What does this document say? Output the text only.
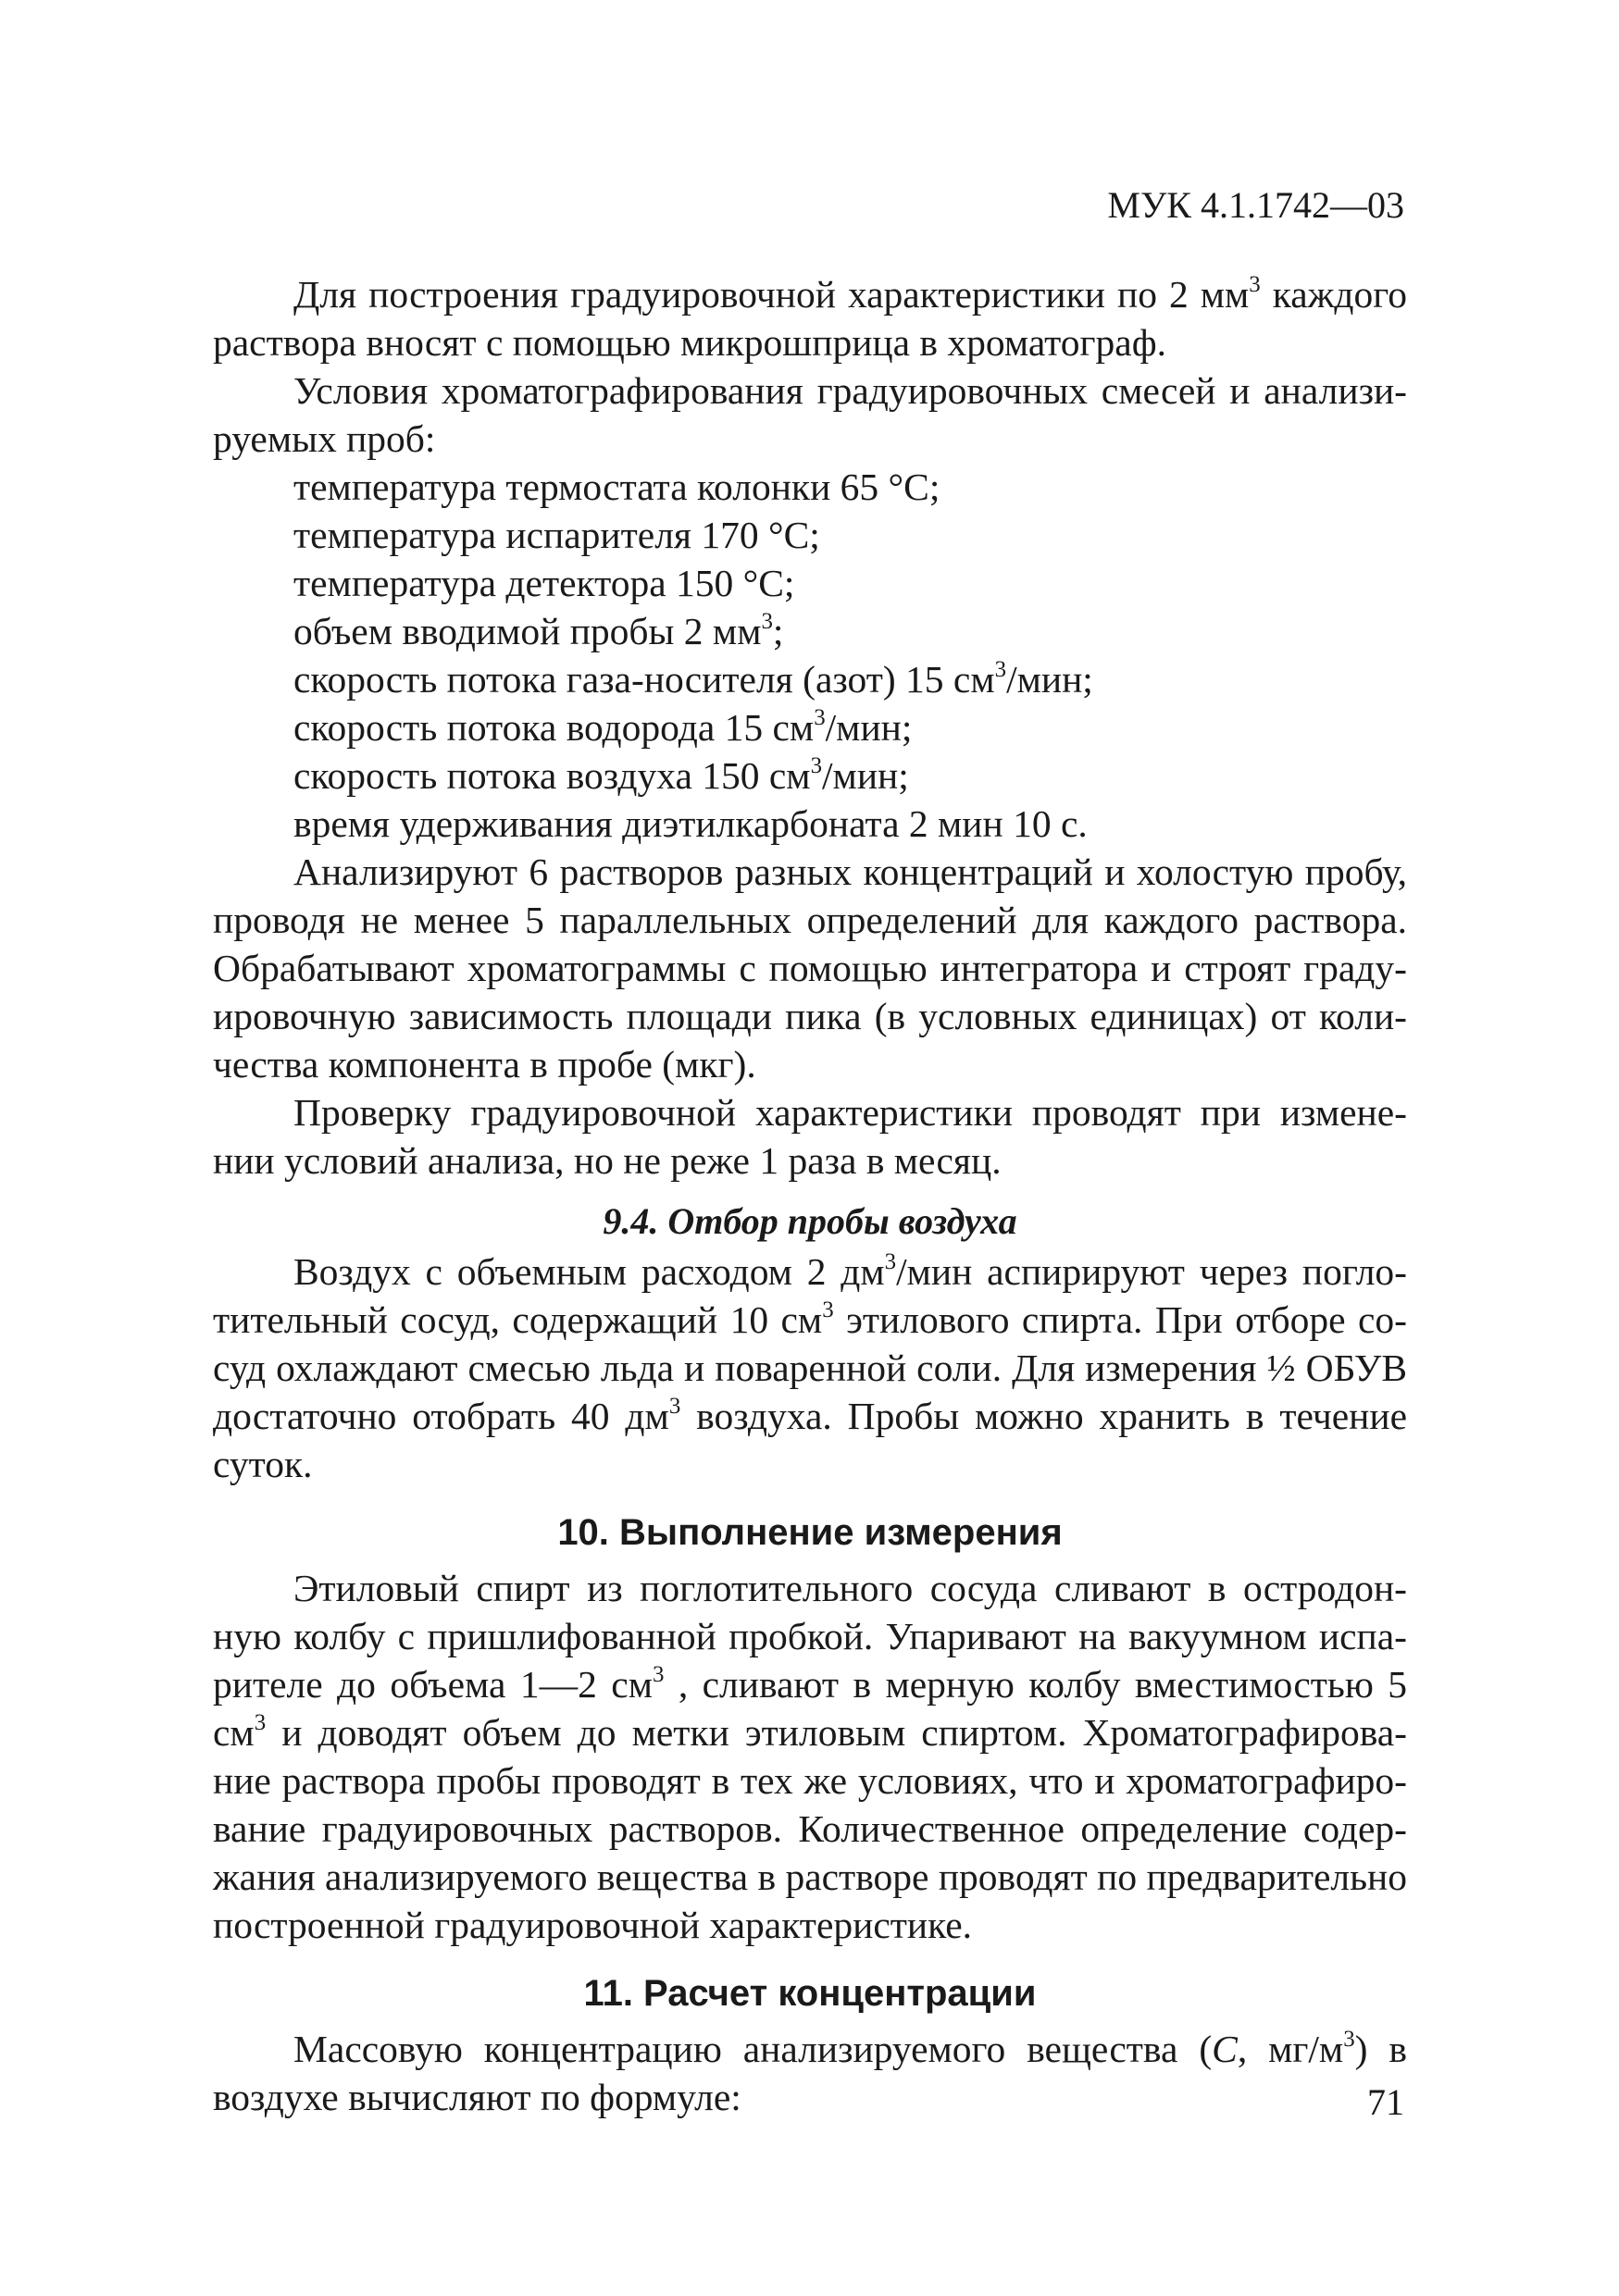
МУК 4.1.1742—03

Для построения градуировочной характеристики по 2 $мм^3$ каждого раствора вносят с помощью микрошприца в хроматограф.

Условия хроматографирования градуировочных смесей и анализи-руемых проб:

температура термостата колонки 65 °С;

температура испарителя 170 °С;

температура детектора 150 °С;

объем вводимой пробы 2 $мм^3$;

скорость потока газа-носителя (азот) 15 $см^3$/мин;

скорость потока водорода 15 $см^3$/мин;

скорость потока воздуха 150 $см^3$/мин;

время удерживания диэтилкарбоната 2 мин 10 с.

Анализируют 6 растворов разных концентраций и холостую пробу, проводя не менее 5 параллельных определений для каждого раствора. Обрабатывают хроматограммы с помощью интегратора и строят граду-ировочную зависимость площади пика (в условных единицах) от коли-чества компонента в пробе (мкг).

Проверку градуировочной характеристики проводят при измене-нии условий анализа, но не реже 1 раза в месяц.

9.4. Отбор пробы воздуха

Воздух с объемным расходом 2 $дм^3$/мин аспирируют через погло-тительный сосуд, содержащий 10 $см^3$ этилового спирта. При отборе со-суд охлаждают смесью льда и поваренной соли. Для измерения ½ ОБУВ достаточно отобрать 40 $дм^3$ воздуха. Пробы можно хранить в течение суток.

10. Выполнение измерения

Этиловый спирт из поглотительного сосуда сливают в остродон-ную колбу с пришлифованной пробкой. Упаривают на вакуумном испа-рителе до объема 1—2 $см^3$ , сливают в мерную колбу вместимостью 5 $см^3$ и доводят объем до метки этиловым спиртом. Хроматографирова-ние раствора пробы проводят в тех же условиях, что и хроматографиро-вание градуировочных растворов. Количественное определение содер-жания анализируемого вещества в растворе проводят по предварительно построенной градуировочной характеристике.

11. Расчет концентрации

Массовую концентрацию анализируемого вещества (С, $мг/м^3$) в воздухе вычисляют по формуле:	71
